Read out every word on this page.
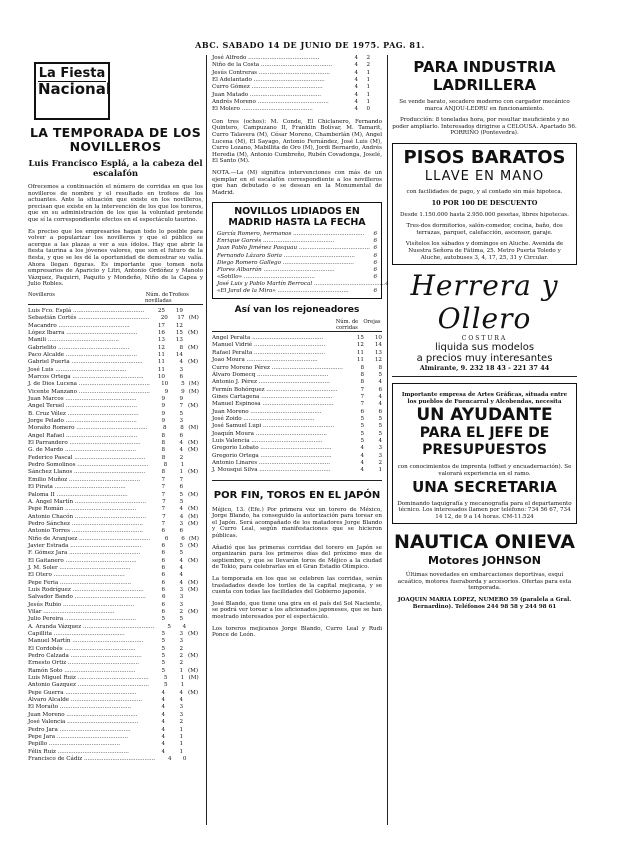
ABC. SABADO 14 DE JUNIO DE 1975. PAG. 81.
La Fiesta
Nacional
LA TEMPORADA DE LOS NOVILLEROS
Luis Francisco Esplá, a la cabeza del escalafón
Ofrecemos a continuación el número de corridas en que los novilleros de nombre y el resultado en trofeos de los actuantes. Ante la situación que existe en los novilleros, precisan que existe en la intervención de los que los toreros, que en su administración de los que la voluntad pretende que sí la correspondiente efectos en el espectáculo taurino.
Es preciso que los empresarios hagan todo lo posible para volver a popularizar los novilleros y que el público se acerque a las plazas a ver a sus ídolos. Hay que abrir la fiesta taurina a los jóvenes valores, que son el futuro de la fiesta, y que se les dé la oportunidad de demostrar su valía. Ahora llegan figuras. Es importante que tomen nota empresarios de Aparicio y Litri, Antonio Ordóñez y Manolo Vázquez, Paquirri, Paquito y Mondeño, Niño de la Capea y Julio Robles.
Novilleros	Núm. de novilladas
Trofeos
Luis Fco. Esplá ........................................	25	19
Sebastián Cortés ........................................	20	17 (M)
Macandro ........................................	17	12
López Ibarra ........................................	16	15 (M)
Manili ........................................	13	13
Gabrielito ........................................	12	8 (M)
Paco Alcalde ........................................	11	14
Gabriel Puerta ........................................	11	4 (M)
José Luis ........................................	11	3
Marcos Ortega ........................................	10	6
J. de Dios Lucena ........................................	10	5 (M)
Vicente Manzano ........................................	9	9 (M)
Juan Marcos ........................................	9	9
Angel Teruel ........................................	9	7 (M)
B. Cruz Vélez ........................................	9	5
Jorge Pelado ........................................	9	3
Moraíto Romero ........................................	8	8 (M)
Angel Rafael ........................................	8	6
El Parrandero ........................................	8	4 (M)
G. de Mardo ........................................	8	4 (M)
Federico Pascal ........................................	8	2
Pedro Somolinos ........................................	8	1
Sánchez Llanos ........................................	8	1 (M)
Emilio Muñoz ........................................	7	7
El Pirata ........................................	7	6
Paloma II ........................................	7	5 (M)
A. Angel Martín ........................................	7	5
Pepe Román ........................................	7	4 (M)
Antonio Chacón ........................................	7	4 (M)
Pedro Sánchez ........................................	7	3 (M)
Antonio Torres ........................................	6	6
Niño de Aranjuez ........................................	6	6 (M)
Javier Estrada ........................................	6	5 (M)
F. Gómez Jara ........................................	6	5
El Gaitanero ........................................	6	4 (M)
J. M. Soler ........................................	6	4
El Otero ........................................	6	4
Pepe Feria ........................................	6	4 (M)
Luis Rodríguez ........................................	6	3 (M)
Salvador Bando ........................................	6	3
Jesús Rubio ........................................	6	3
Vilar ........................................	6	2 (M)
Julio Pereira ........................................	5	5
A. Aranda Vázquez ........................................	5	4
Capillita ........................................	5	3 (M)
Manuel Martín ........................................	5	3
El Cordobés ........................................	5	2
Pedro Calzada ........................................	5	2 (M)
Ernesto Ortiz ........................................	5	2
Ramón Soto ........................................	5	1 (M)
Luis Miguel Ruiz ........................................	5	1 (M)
Antonio Gazquez ........................................	5	1
Pepe Guerra ........................................	4	4 (M)
Álvaro Alcalde ........................................	4	4
El Moraíto ........................................	4	3
Juan Moreno ........................................	4	3
José Valencia ........................................	4	2
Pedro Jara ........................................	4	1
Pepe Jara ........................................	4	1
Pepillo ........................................	4	1
Félix Ruiz ........................................	4	1
Francisco de Cádiz ........................................	4	0
José Alfredo ........................................	4	2
Niño de la Costa ........................................	4	2
Jesús Contreras ........................................	4	1
El Adelantado ........................................	4	1
Curro Gómez ........................................	4	1
Juan Matado ........................................	4	1
Andrés Moreno ........................................	4	1
El Molero ........................................	4	0
Con tres (ochos): M. Conde, El Chiclanero, Fernando Quintero, Campuzano II, Franklin Bolívar, M. Tamarit, Curro Talavera (M), César Moreno, Chamberlán (M), Angel Lucena (M), El Sayago, Antonio Fernández, José Luis (M), Curro Lozano, Mabillita de Oro (M), Jordi Bernardo, Andrés Heredia (M), Antonio Cumbreño, Rubén Covadonga, Joselé, El Santo (M).
NOTA.—La (M) significa intervenciones con más de un ejemplar en el escalafón correspondiente a los novilleros que han debutado o se desean en la Monumental de Madrid.
NOVILLOS LIDIADOS EN MADRID HASTA LA FECHA
García Romero, hermanos ........................................	6
Enrique Garcés ........................................	6
Juan Pablo Jiménez Pasquau ........................................ 6
Fernando Lázaro Soria ........................................	6
Diego Romero Gallego ........................................	6
Flores Albarrán ........................................	6
«Sotillo» ........................................	6
José Luis y Pablo Martín Berrocal ........................................ 4
«El Jaral de la Mira» ........................................	6
Así van los rejoneadores
Núm. de corridas
Orejas
Angel Peralta ........................................	15	10
Manuel Vidrié ........................................	12	14
Rafael Peralta ........................................	11	13
Joao Moura ........................................	11	12
Curro Moreno Pérez ........................................	8	8
Álvaro Domecq ........................................	8	5
Antonio J. Pérez ........................................	8	4
Fermín Bohórquez ........................................	7	6
Gines Cartagena ........................................	7	4
Manuel Espinosa ........................................	7	4
Juan Moreno ........................................	6	6
José Zoido ........................................	5	5
José Samuel Lupi ........................................	5	5
Joaquín Moura ........................................	5	5
Luis Valencia ........................................	5	4
Gregorio Lobato ........................................	4	3
Gregorio Ortega ........................................	4	3
Antonio Linares ........................................	4	2
J. Mousqui Silva ........................................	4	1
POR FIN, TOROS EN EL JAPÓN
Méjico, 13. (Efe.) Por primera vez un torero de México, Jorge Blando, ha conseguido la autorización para torear en el Japón. Será acompañado de los matadores Jorge Blando y Curro Leal, según manifestaciones que se hicieron públicas.
Añadió que las primeras corridas del torero en Japón se organizarán para los primeros días del próximo mes de septiembre, y que se llevarán toros de Méjico a la ciudad de Tokio, para celebrarlas en el Gran Estadio Olímpico.
La temporada en los que se celebren las corridas, serán trasladados desde los toriles de la capital mejicana, y se cuenta con todas las facilidades del Gobierno japonés.
José Blando, que tiene una gira en el país del Sol Naciente, se podrá ver torear a los aficionados japoneses, que se han mostrado interesados por el espectáculo.
Los toreros mejicanos Jorge Blando, Curro Leal y Rudi Ponce de León.
PARA INDUSTRIA LADRILLERA
Se vende barato, secadero moderno con cargador mecánico marca ANJOU-LEDRU en funcionamiento.
Producción: 8 toneladas hora, por resultar insuficiente y no poder ampliarlo. Interesados dirigirse a CELOUSA. Apartado 56. PORRIÑO (Pontevedra).
PISOS BARATOS
LLAVE EN MANO
con facilidades de pago, y al contado sin más hipoteca.
10 POR 100 DE DESCUENTO
Desde 1.150.000 hasta 2.950.000 pesetas, libres hipotecas.
Tres-dos dormitorios, salón-comedor, cocina, baño, dos terrazas, parquet, calefacción, ascensor, garaje.
Visítelos los sábados y domingos en Aluche. Avenida de Nuestra Señora de Fátima, 25. Metro Puerta Toledo y Aluche, autobuses 3, 4, 17, 25, 31 y Circular.
Herrera y Ollero
COSTURA
liquida sus modelos
a precios muy interesantes
Almirante, 9. 232 18 43 - 221 37 44
Importante empresa de Artes Gráficas, situada entre los pueblos de Fuencarral y Alcobendas, necesita
UN AYUDANTE
PARA EL JEFE DE
PRESUPUESTOS
con conocimientos de imprenta (offset y encuadernación). Se valorará experiencia en el ramo.
UNA SECRETARIA
Dominando taquigrafía y mecanografía para el departamento técnico. Los interesados llamen por teléfono: 734 56 67, 734 14 12, de 9 a 14 horas. CM-11.524
NAUTICA ONIEVA
Motores JOHNSON
Últimas novedades en embarcaciones deportivas, esquí acuático, motores fueraborda y accesorios. Ofertas para esta temporada.
JOAQUIN MARIA LOPEZ, NUMERO 59 (paralela a Gral. Bernardino). Teléfonos 244 98 58 y 244 98 61
